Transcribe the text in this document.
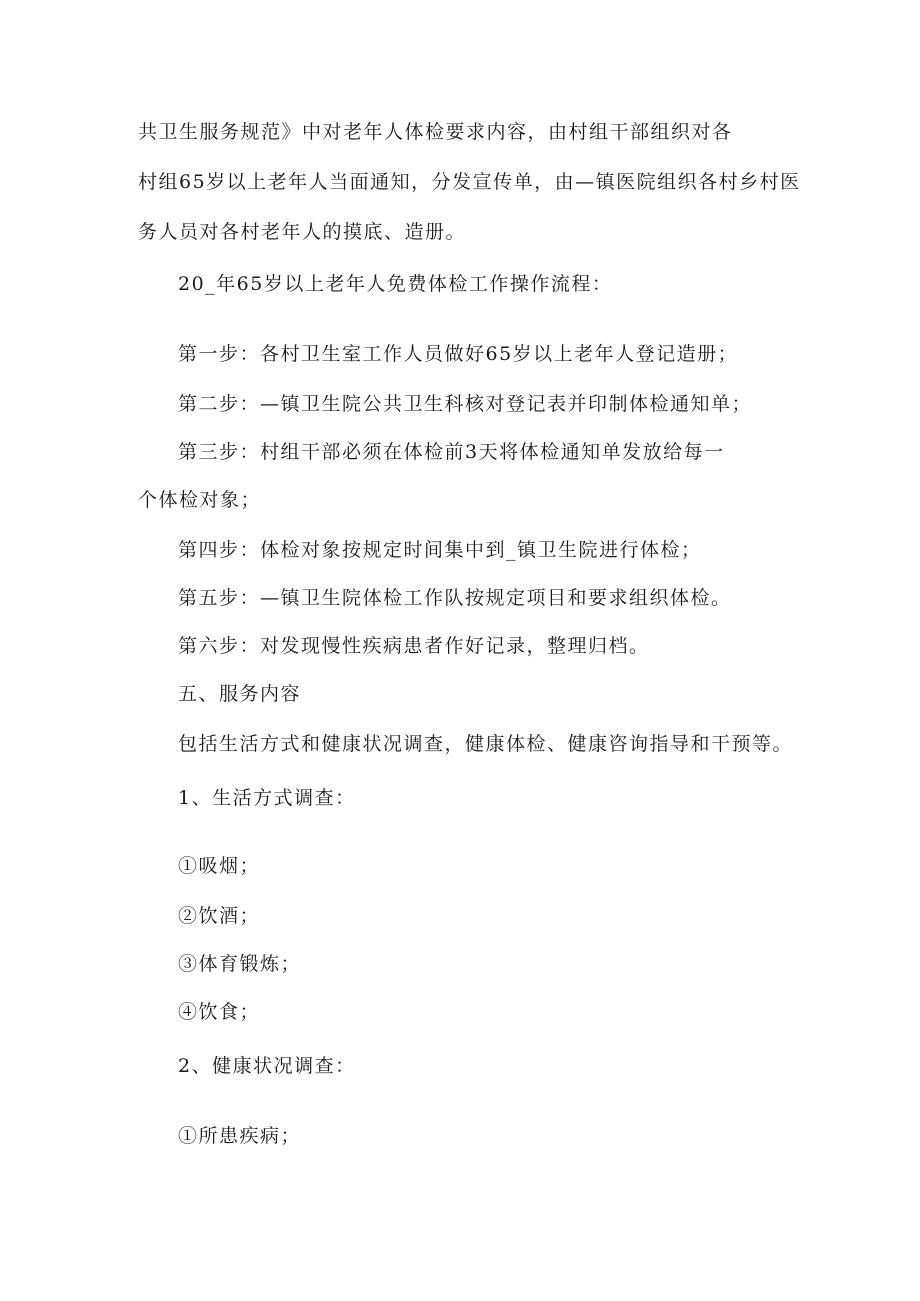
共卫生服务规范》中对老年人体检要求内容，由村组干部组织对各
村组65岁以上老年人当面通知，分发宣传单，由—镇医院组织各村乡村医
务人员对各村老年人的摸底、造册。
20_年65岁以上老年人免费体检工作操作流程：
第一步：各村卫生室工作人员做好65岁以上老年人登记造册；
第二步：—镇卫生院公共卫生科核对登记表并印制体检通知单；
第三步：村组干部必须在体检前3天将体检通知单发放给每一
个体检对象；
第四步：体检对象按规定时间集中到_镇卫生院进行体检；
第五步：—镇卫生院体检工作队按规定项目和要求组织体检。
第六步：对发现慢性疾病患者作好记录，整理归档。
五、服务内容
包括生活方式和健康状况调查，健康体检、健康咨询指导和干预等。
1、生活方式调查：
①吸烟；
②饮酒；
③体育锻炼；
④饮食；
2、健康状况调查：
①所患疾病；
